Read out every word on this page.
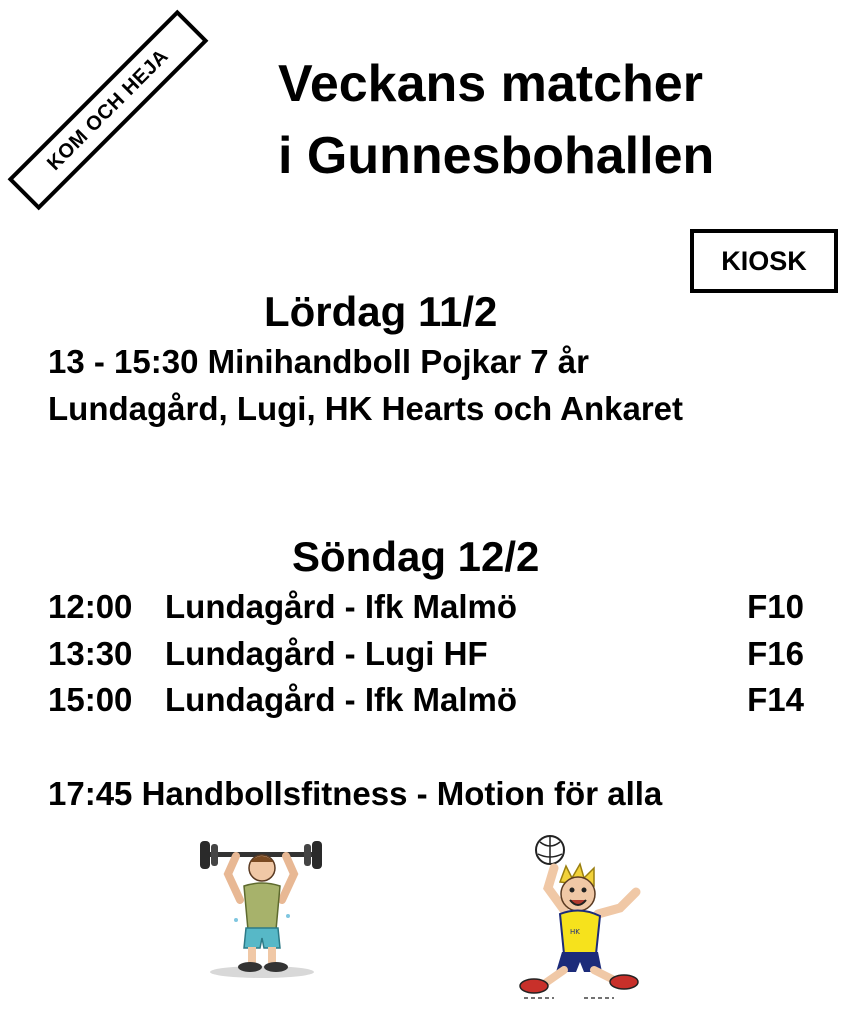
KOM OCH HEJA	Veckans matcher
i Gunnesbohallen
KIOSK
Lördag 11/2
13 - 15:30 Minihandboll Pojkar 7 år
Lundagård, Lugi, HK Hearts och Ankaret
Söndag 12/2
12:00 Lundagård - Ifk Malmö	F10
13:30 Lundagård - Lugi HF	F16
15:00 Lundagård - Ifk Malmö	F14
17:45 Handbollsfitness - Motion för alla
HK
